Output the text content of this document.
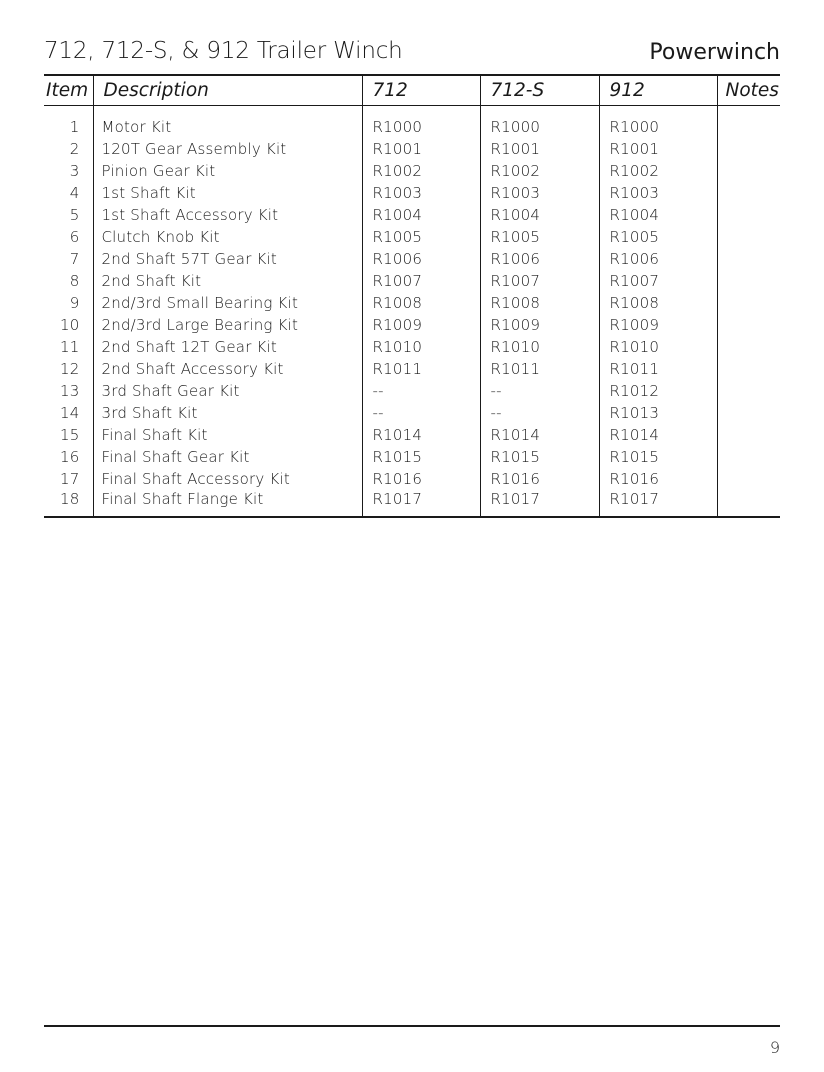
712, 712-S, & 912 Trailer Winch	Powerwinch
Item	Description	712	712-S	912	Notes

1	Motor Kit	R1000	R1000	R1000	
2	120T Gear Assembly Kit	R1001	R1001	R1001	
3	Pinion Gear Kit	R1002	R1002	R1002	
4	1st Shaft Kit	R1003	R1003	R1003	
5	1st Shaft Accessory Kit	R1004	R1004	R1004	
6	Clutch Knob Kit	R1005	R1005	R1005	
7	2nd Shaft 57T Gear Kit	R1006	R1006	R1006	
8	2nd Shaft Kit	R1007	R1007	R1007	
9	2nd/3rd Small Bearing Kit	R1008	R1008	R1008	
10	2nd/3rd Large Bearing Kit	R1009	R1009	R1009	
11	2nd Shaft 12T Gear Kit	R1010	R1010	R1010	
12	2nd Shaft Accessory Kit	R1011	R1011	R1011	
13	3rd Shaft Gear Kit	--	--	R1012	
14	3rd Shaft Kit	--	--	R1013	
15	Final Shaft Kit	R1014	R1014	R1014	
16	Final Shaft Gear Kit	R1015	R1015	R1015	
17	Final Shaft Accessory Kit	R1016	R1016	R1016	
18	Final Shaft Flange Kit	R1017	R1017	R1017	
9
